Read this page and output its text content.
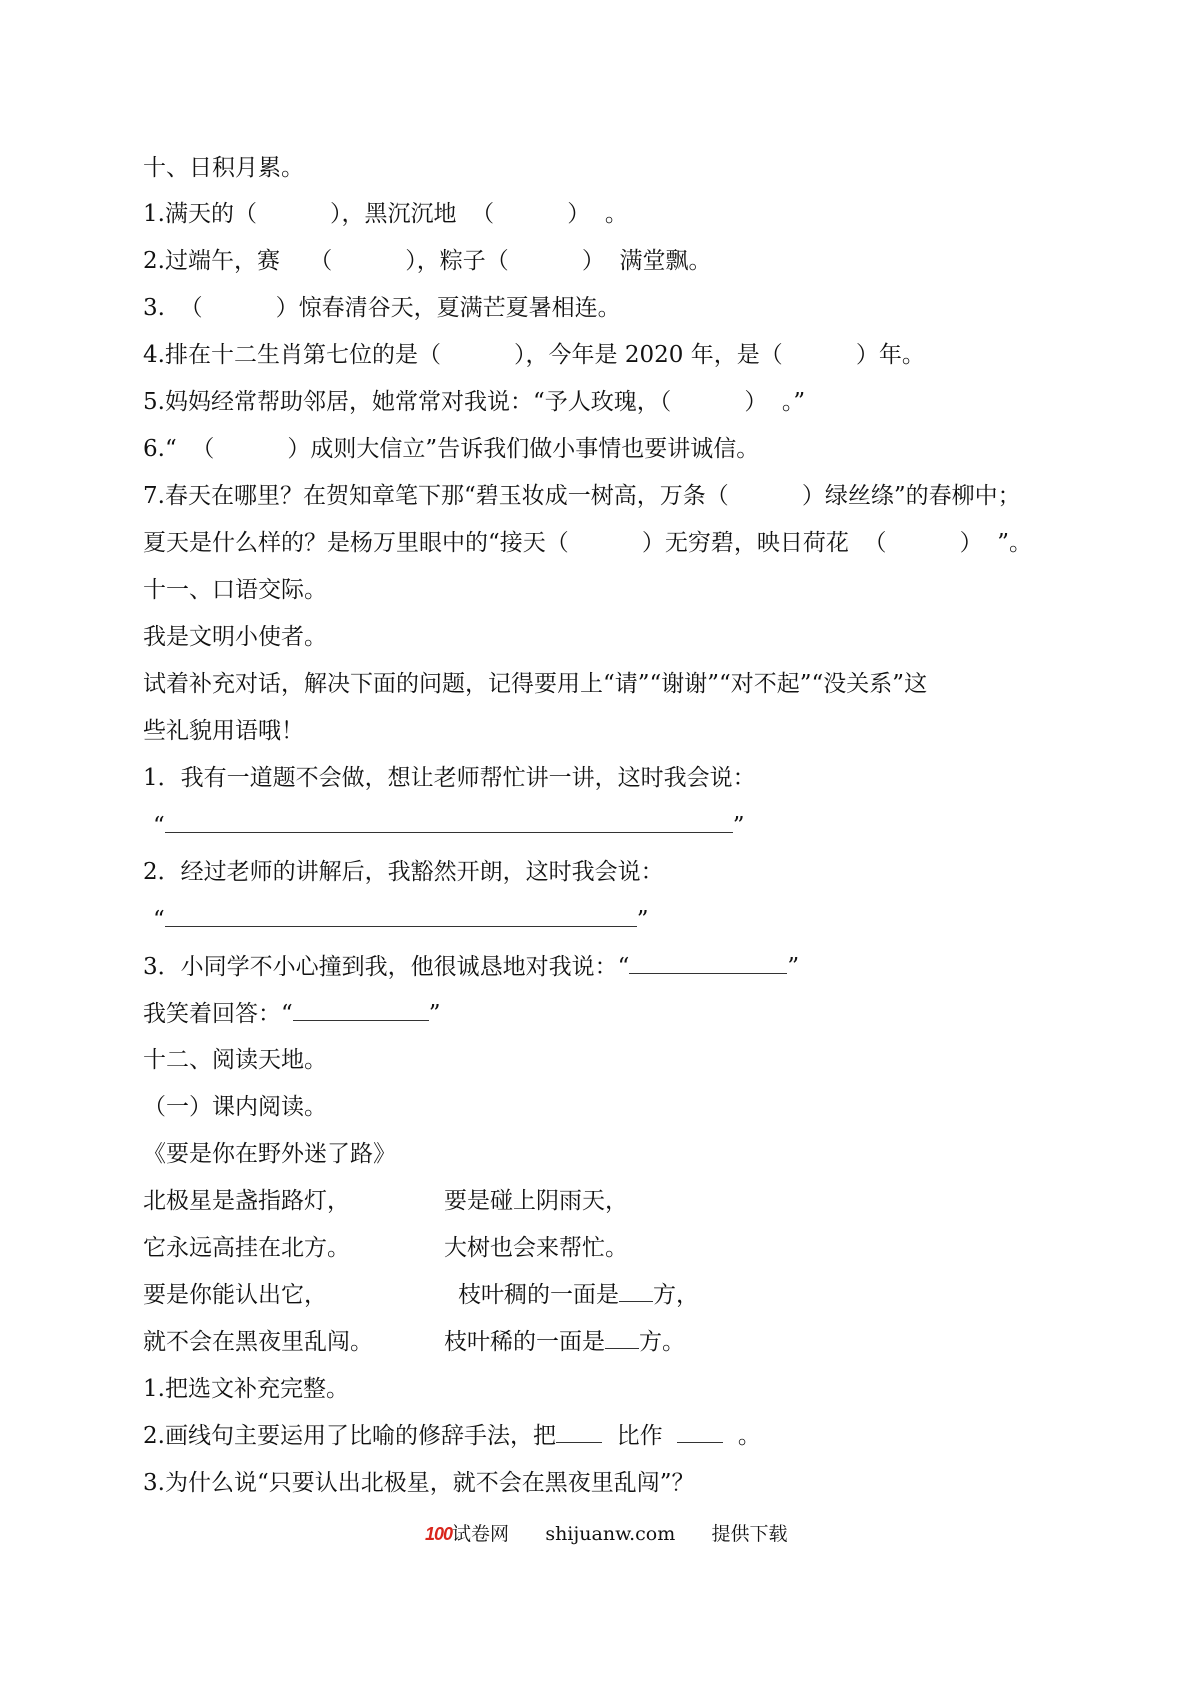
十、日积月累。
1.满天的（          ），黑沉沉地  （          ）  。
2.过端午，赛    （          ），粽子（          ）  满堂飘。
3.  （          ）惊春清谷天，夏满芒夏暑相连。
4.排在十二生肖第七位的是（          ），今年是 2020 年，是（          ）年。
5.妈妈经常帮助邻居，她常常对我说：“予人玫瑰，（          ）  。”
6.“  （          ）成则大信立”告诉我们做小事情也要讲诚信。
7.春天在哪里？在贺知章笔下那“碧玉妆成一树高，万条（          ）绿丝绦”的春柳中；
夏天是什么样的？是杨万里眼中的“接天（          ）无穷碧，映日荷花  （          ）  ”。
十一、口语交际。
我是文明小使者。
试着补充对话，解决下面的问题，记得要用上“请”“谢谢”“对不起”“没关系”这
些礼貌用语哦！
1．我有一道题不会做，想让老师帮忙讲一讲，这时我会说：
“	”
2．经过老师的讲解后，我豁然开朗，这时我会说：
“	”
3．小同学不小心撞到我，他很诚恳地对我说：“	”
我笑着回答：“	”
十二、阅读天地。
（一）课内阅读。
《要是你在野外迷了路》
北极星是盏指路灯，
它永远高挂在北方。
要是你能认出它，
就不会在黑夜里乱闯。
要是碰上阴雨天，
大树也会来帮忙。
枝叶稠的一面是 方，
枝叶稀的一面是 方。
1.把选文补充完整。
2.画线句主要运用了比喻的修辞手法，把  比作    。
3.为什么说“只要认出北极星，就不会在黑夜里乱闯”？
100试卷网 shijuanw.com 提供下载
